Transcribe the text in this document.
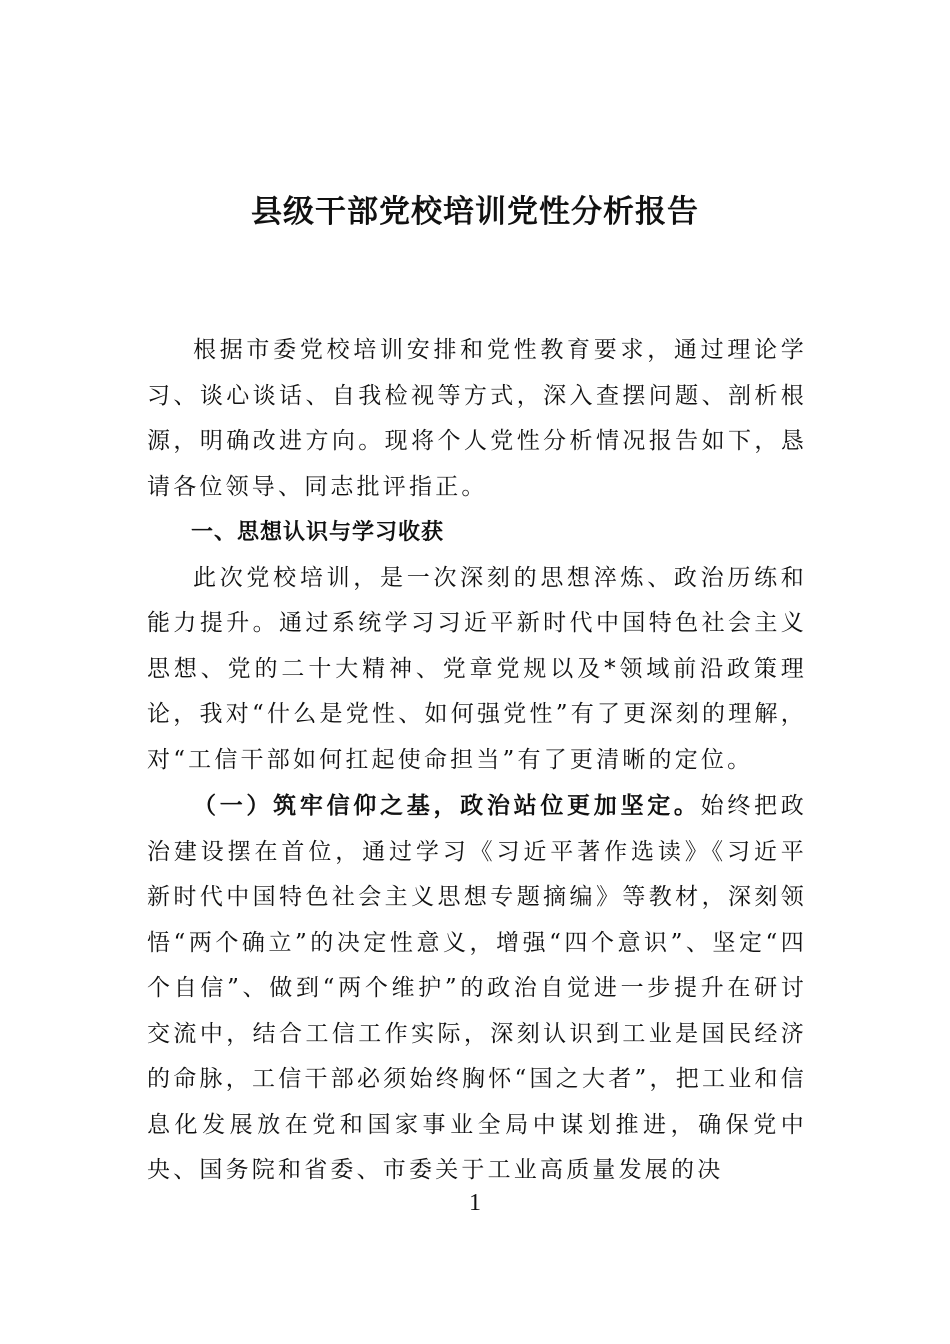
县级干部党校培训党性分析报告

根据市委党校培训安排和党性教育要求，通过理论学习、谈心谈话、自我检视等方式，深入查摆问题、剖析根源，明确改进方向。现将个人党性分析情况报告如下，恳请各位领导、同志批评指正。

一、思想认识与学习收获

此次党校培训，是一次深刻的思想淬炼、政治历练和能力提升。通过系统学习习近平新时代中国特色社会主义思想、党的二十大精神、党章党规以及*领域前沿政策理论，我对“什么是党性、如何强党性”有了更深刻的理解，对“工信干部如何扛起使命担当”有了更清晰的定位。

（一）筑牢信仰之基，政治站位更加坚定。始终把政治建设摆在首位，通过学习《习近平著作选读》《习近平新时代中国特色社会主义思想专题摘编》等教材，深刻领悟“两个确立”的决定性意义，增强“四个意识”、坚定“四个自信”、做到“两个维护”的政治自觉进一步提升在研讨交流中，结合工信工作实际，深刻认识到工业是国民经济的命脉，工信干部必须始终胸怀“国之大者”，把工业和信息化发展放在党和国家事业全局中谋划推进，确保党中央、国务院和省委、市委关于工业高质量发展的决

1
